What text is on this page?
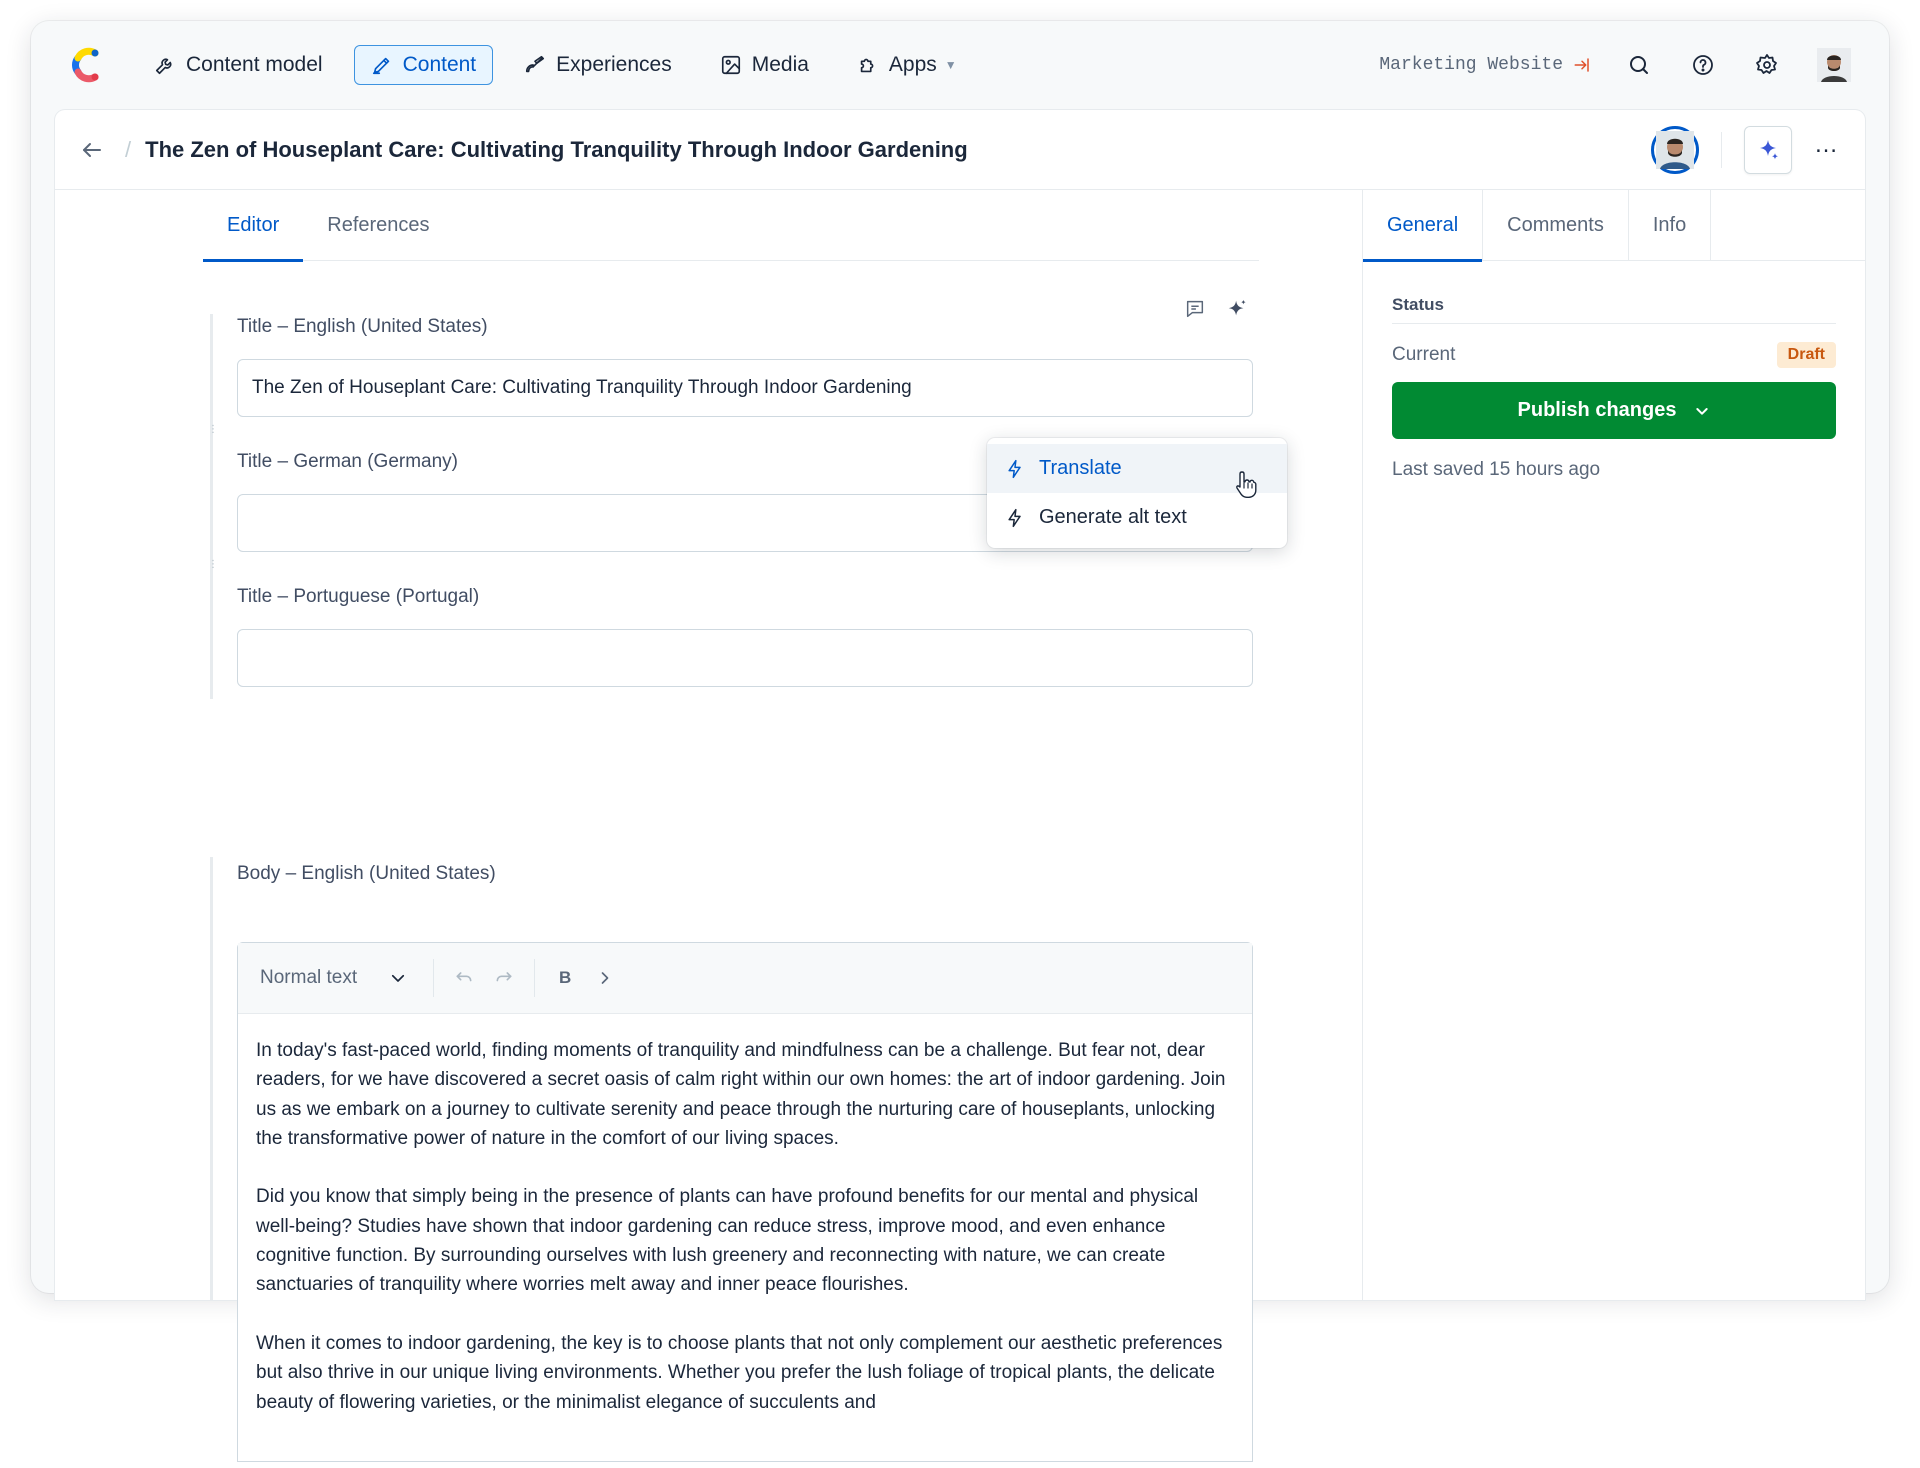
Content model	Content	Experiences	Media	Apps ▼	Marketing Website
/ The Zen of Houseplant Care: Cultivating Tranquility Through Indoor Gardening	…
Editor	References
Title – English (United States)
The Zen of Houseplant Care: Cultivating Tranquility Through Indoor Gardening
⋮
Title – German (Germany)
⋮
Title – Portuguese (Portugal)
Body – English (United States)
Normal text	B

In today's fast-paced world, finding moments of tranquility and mindfulness can be a challenge. But fear not, dear readers, for we have discovered a secret oasis of calm right within our own homes: the art of indoor gardening. Join us as we embark on a journey to cultivate serenity and peace through the nurturing care of houseplants, unlocking the transformative power of nature in the comfort of our living spaces.

Did you know that simply being in the presence of plants can have profound benefits for our mental and physical well-being? Studies have shown that indoor gardening can reduce stress, improve mood, and even enhance cognitive function. By surrounding ourselves with lush greenery and reconnecting with nature, we can create sanctuaries of tranquility where worries melt away and inner peace flourishes.

When it comes to indoor gardening, the key is to choose plants that not only complement our aesthetic preferences but also thrive in our unique living environments. Whether you prefer the lush foliage of tropical plants, the delicate beauty of flowering varieties, or the minimalist elegance of succulents and

Translate
Generate alt text
General	Comments	Info
Status
Current	Draft
Publish changes
Last saved 15 hours ago
